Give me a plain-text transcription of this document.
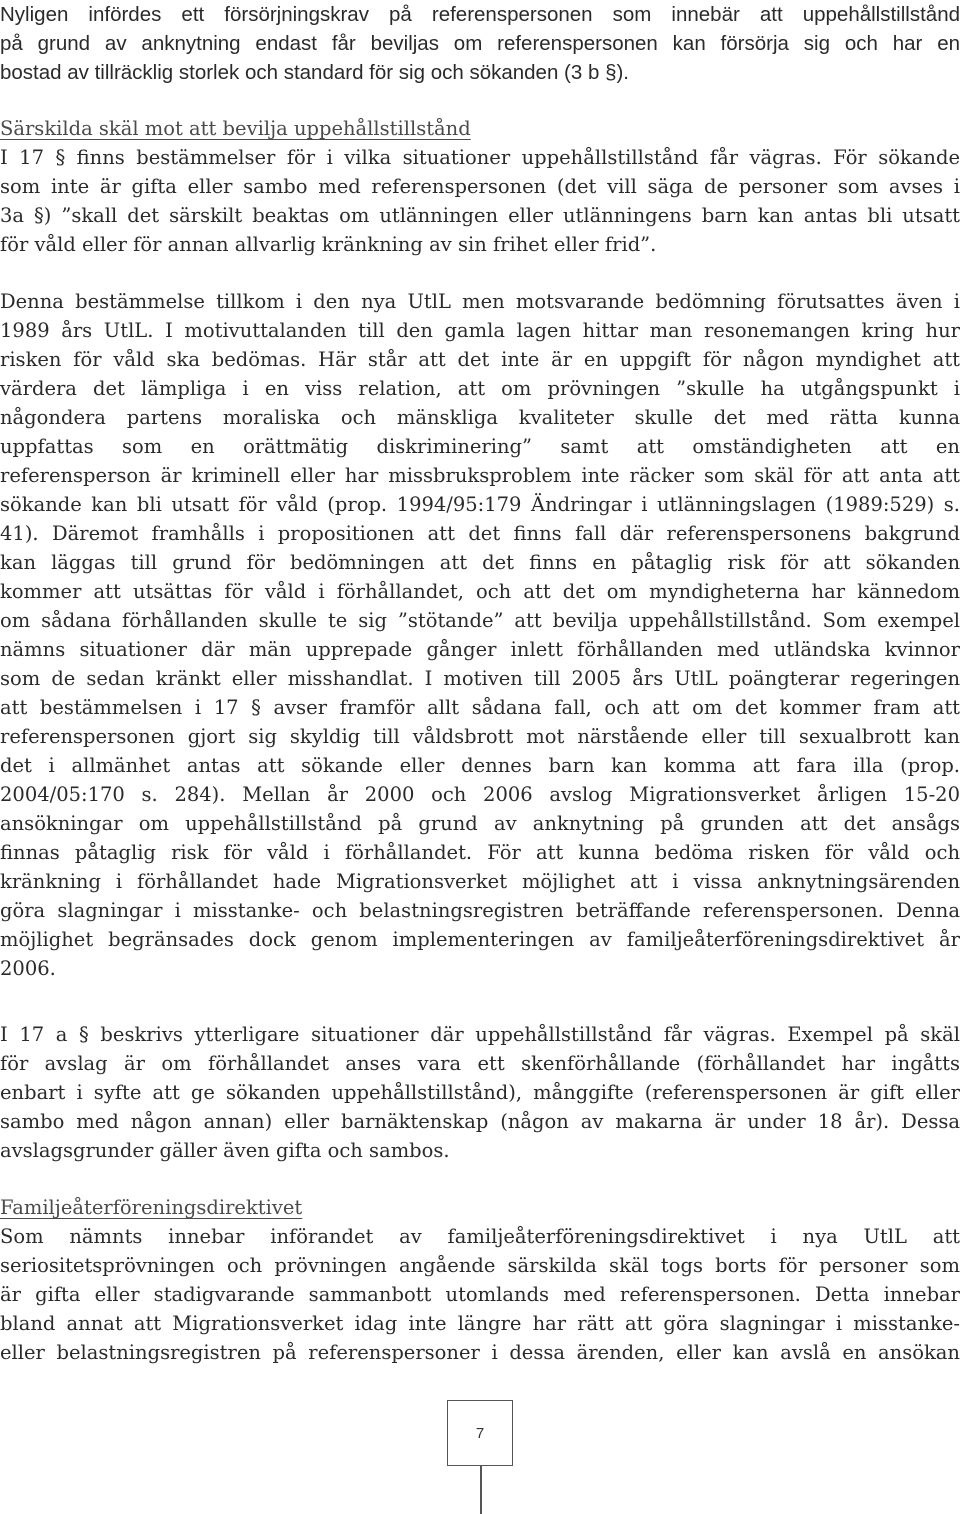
Nyligen infördes ett försörjningskrav på referenspersonen som innebär att uppehållstillstånd
på grund av anknytning endast får beviljas om referenspersonen kan försörja sig och har en
bostad av tillräcklig storlek och standard för sig och sökanden (3 b §).
Särskilda skäl mot att bevilja uppehållstillstånd
I 17 § finns bestämmelser för i vilka situationer uppehållstillstånd får vägras. För sökande
som inte är gifta eller sambo med referenspersonen (det vill säga de personer som avses i
3a §) ”skall det särskilt beaktas om utlänningen eller utlänningens barn kan antas bli utsatt
för våld eller för annan allvarlig kränkning av sin frihet eller frid”.
Denna bestämmelse tillkom i den nya UtlL men motsvarande bedömning förutsattes även i
1989 års UtlL. I motivuttalanden till den gamla lagen hittar man resonemangen kring hur
risken för våld ska bedömas. Här står att det inte är en uppgift för någon myndighet att
värdera det lämpliga i en viss relation, att om prövningen ”skulle ha utgångspunkt i
någondera partens moraliska och mänskliga kvaliteter skulle det med rätta kunna
uppfattas som en orättmätig diskriminering” samt att omständigheten att en
referensperson är kriminell eller har missbruksproblem inte räcker som skäl för att anta att
sökande kan bli utsatt för våld (prop. 1994/95:179 Ändringar i utlänningslagen (1989:529) s.
41). Däremot framhålls i propositionen att det finns fall där referenspersonens bakgrund
kan läggas till grund för bedömningen att det finns en påtaglig risk för att sökanden
kommer att utsättas för våld i förhållandet, och att det om myndigheterna har kännedom
om sådana förhållanden skulle te sig ”stötande” att bevilja uppehållstillstånd. Som exempel
nämns situationer där män upprepade gånger inlett förhållanden med utländska kvinnor
som de sedan kränkt eller misshandlat. I motiven till 2005 års UtlL poängterar regeringen
att bestämmelsen i 17 § avser framför allt sådana fall, och att om det kommer fram att
referenspersonen gjort sig skyldig till våldsbrott mot närstående eller till sexualbrott kan
det i allmänhet antas att sökande eller dennes barn kan komma att fara illa (prop.
2004/05:170 s. 284). Mellan år 2000 och 2006 avslog Migrationsverket årligen 15-20
ansökningar om uppehållstillstånd på grund av anknytning på grunden att det ansågs
finnas påtaglig risk för våld i förhållandet. För att kunna bedöma risken för våld och
kränkning i förhållandet hade Migrationsverket möjlighet att i vissa anknytningsärenden
göra slagningar i misstanke- och belastningsregistren beträffande referenspersonen. Denna
möjlighet begränsades dock genom implementeringen av familjeåterföreningsdirektivet år
2006.
I 17 a § beskrivs ytterligare situationer där uppehållstillstånd får vägras. Exempel på skäl
för avslag är om förhållandet anses vara ett skenförhållande (förhållandet har ingåtts
enbart i syfte att ge sökanden uppehållstillstånd), månggifte (referenspersonen är gift eller
sambo med någon annan) eller barnäktenskap (någon av makarna är under 18 år). Dessa
avslagsgrunder gäller även gifta och sambos.
Familjeåterföreningsdirektivet
Som nämnts innebar införandet av familjeåterföreningsdirektivet i nya UtlL att
seriositetsprövningen och prövningen angående särskilda skäl togs borts för personer som
är gifta eller stadigvarande sammanbott utomlands med referenspersonen. Detta innebar
bland annat att Migrationsverket idag inte längre har rätt att göra slagningar i misstanke-
eller belastningsregistren på referenspersoner i dessa ärenden, eller kan avslå en ansökan
7
